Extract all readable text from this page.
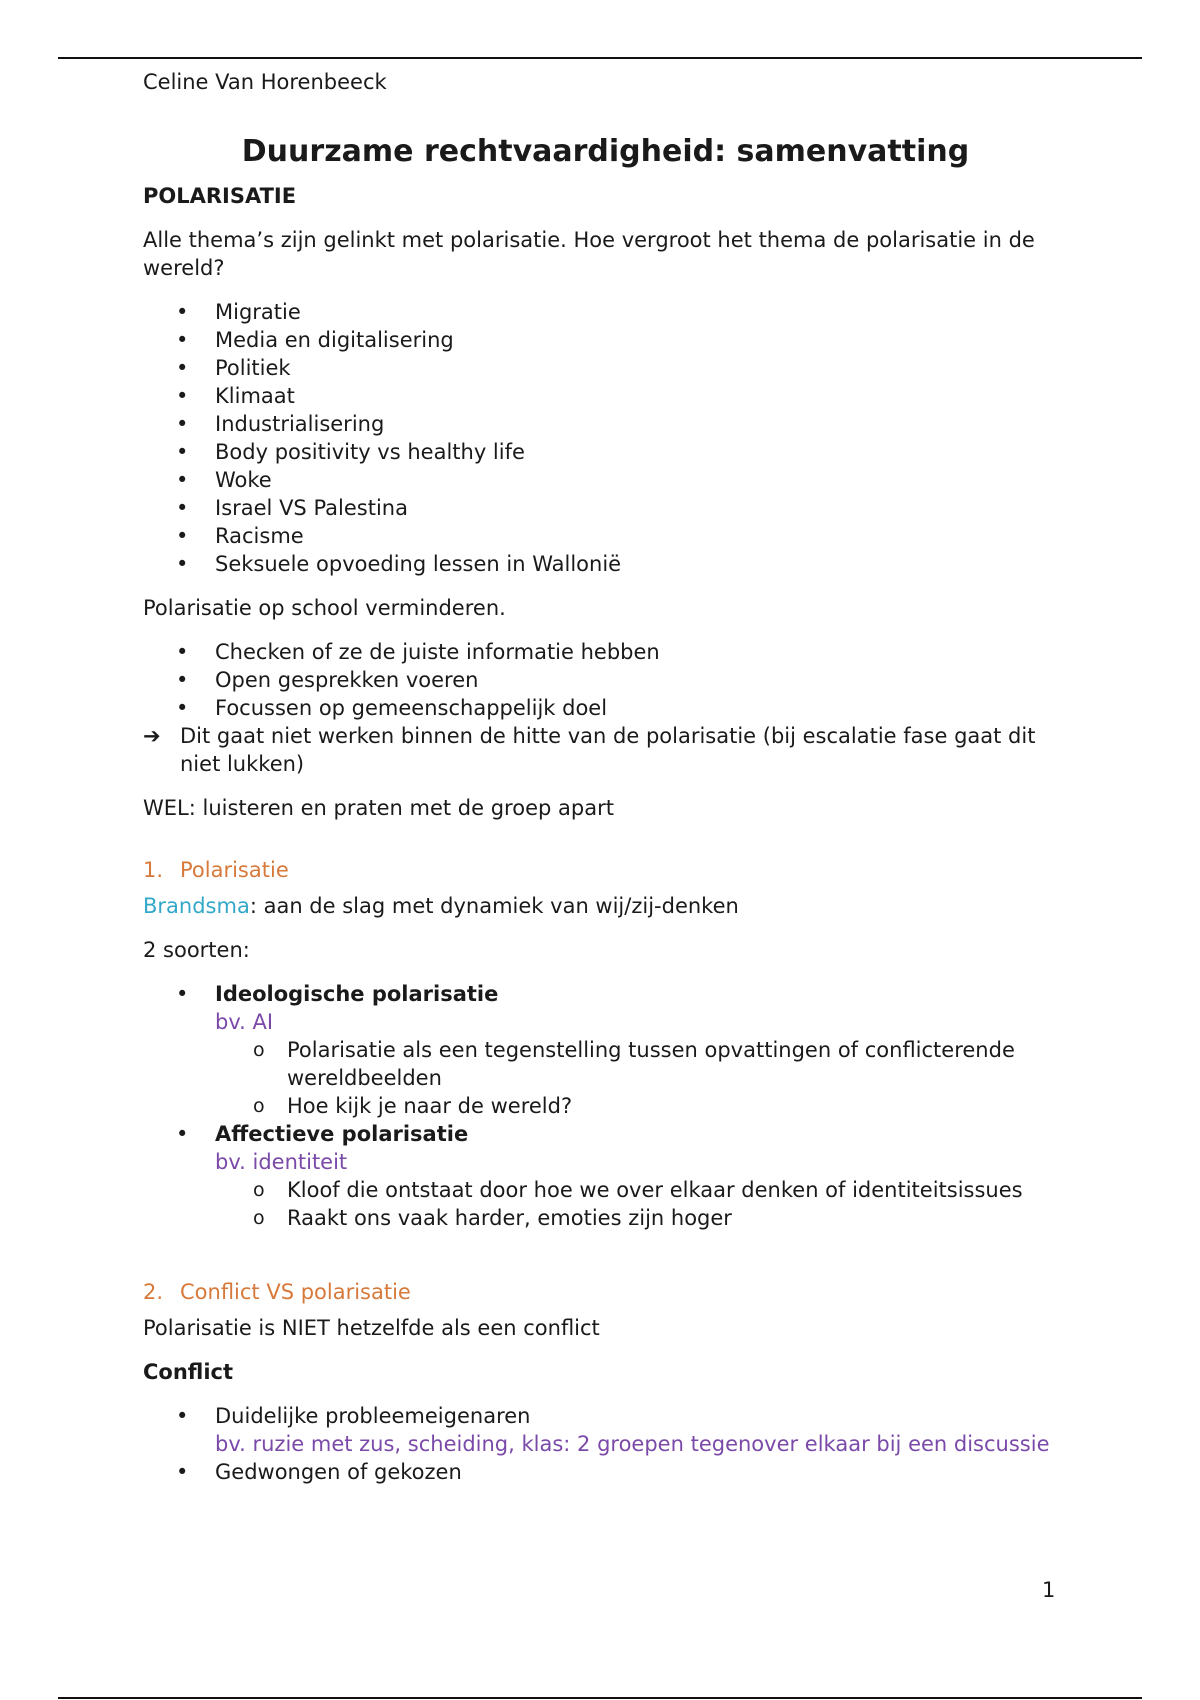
Celine Van Horenbeeck
Duurzame rechtvaardigheid: samenvatting
POLARISATIE

Alle thema’s zijn gelinkt met polarisatie. Hoe vergroot het thema de polarisatie in de wereld?

• Migratie
• Media en digitalisering
• Politiek
• Klimaat
• Industrialisering
• Body positivity vs healthy life
• Woke
• Israel VS Palestina
• Racisme
• Seksuele opvoeding lessen in Wallonië

Polarisatie op school verminderen.

• Checken of ze de juiste informatie hebben
• Open gesprekken voeren
• Focussen op gemeenschappelijk doel
➔ Dit gaat niet werken binnen de hitte van de polarisatie (bij escalatie fase gaat dit niet lukken)

WEL: luisteren en praten met de groep apart

1. Polarisatie

Brandsma: aan de slag met dynamiek van wij/zij-denken

2 soorten:

• Ideologische polarisatie
bv. AI
o Polarisatie als een tegenstelling tussen opvattingen of conflicterende wereldbeelden
o Hoe kijk je naar de wereld?
• Affectieve polarisatie
bv. identiteit
o Kloof die ontstaat door hoe we over elkaar denken of identiteitsissues
o Raakt ons vaak harder, emoties zijn hoger
2. Conflict VS polarisatie

Polarisatie is NIET hetzelfde als een conflict

Conflict

• Duidelijke probleemeigenaren
bv. ruzie met zus, scheiding, klas: 2 groepen tegenover elkaar bij een discussie
• Gedwongen of gekozen
1
